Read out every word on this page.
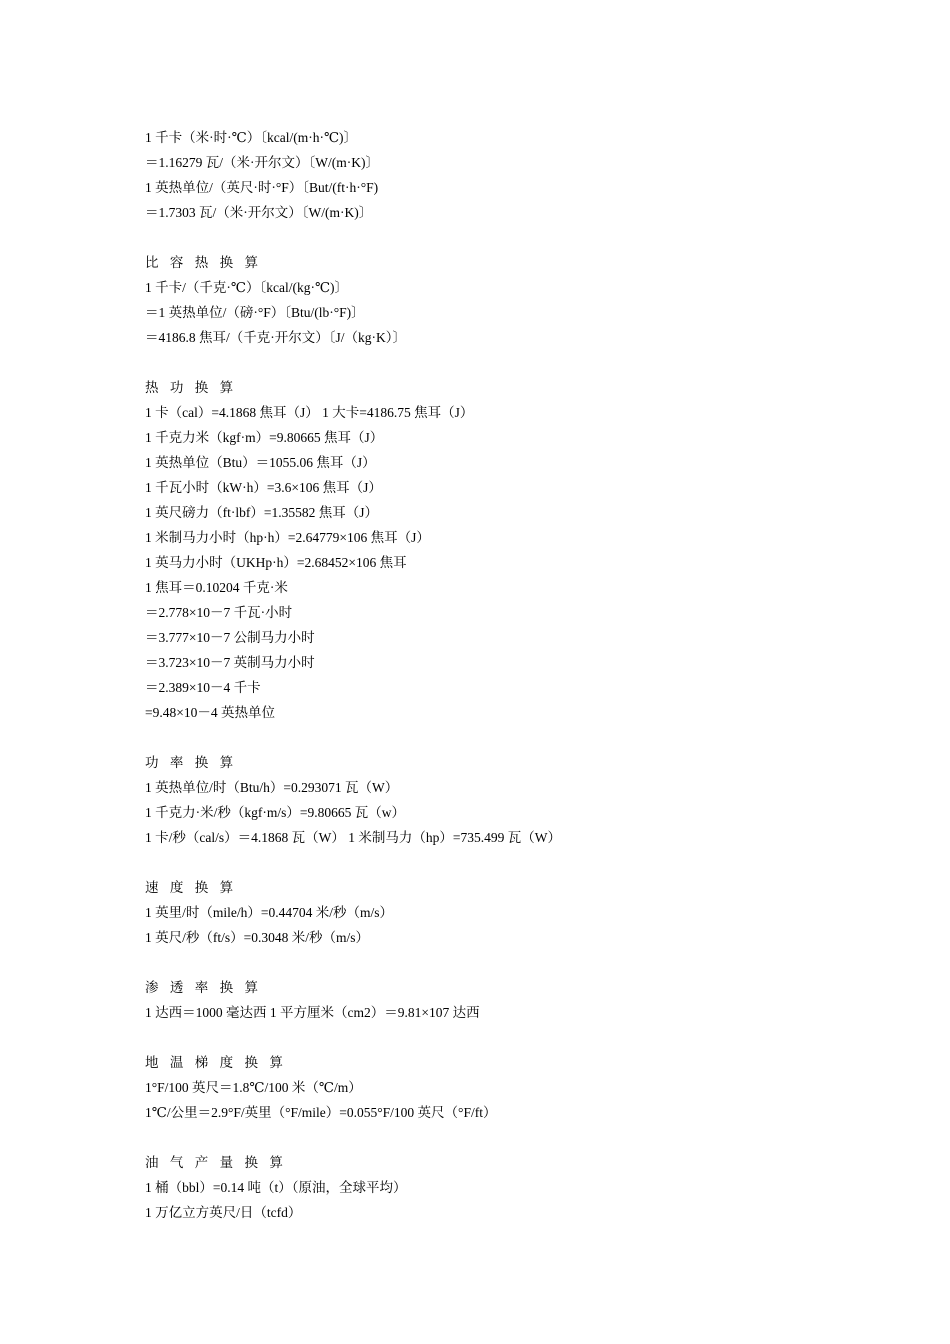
1 千卡（米·时·℃）〔kcal/(m·h·℃)〕
＝1.16279 瓦/（米·开尔文）〔W/(m·K)〕
1 英热单位/（英尺·时·°F）〔But/(ft·h·°F)
＝1.7303 瓦/（米·开尔文）〔W/(m·K)〕
比 容 热 换 算
1 千卡/（千克·℃）〔kcal/(kg·℃)〕
＝1 英热单位/（磅·°F）〔Btu/(lb·°F)〕
＝4186.8 焦耳/（千克·开尔文）〔J/（kg·K）〕
热 功 换 算
1 卡（cal）=4.1868 焦耳（J） 1 大卡=4186.75 焦耳（J）
1 千克力米（kgf·m）=9.80665 焦耳（J）
1 英热单位（Btu）＝1055.06 焦耳（J）
1 千瓦小时（kW·h）=3.6×106 焦耳（J）
1 英尺磅力（ft·lbf）=1.35582 焦耳（J）
1 米制马力小时（hp·h）=2.64779×106 焦耳（J）
1 英马力小时（UKHp·h）=2.68452×106 焦耳
1 焦耳＝0.10204 千克·米
＝2.778×10－7 千瓦·小时
＝3.777×10－7 公制马力小时
＝3.723×10－7 英制马力小时
＝2.389×10－4 千卡
=9.48×10－4 英热单位
功 率 换 算
1 英热单位/时（Btu/h）=0.293071 瓦（W）
1 千克力·米/秒（kgf·m/s）=9.80665 瓦（w）
1 卡/秒（cal/s）＝4.1868 瓦（W） 1 米制马力（hp）=735.499 瓦（W）
速 度 换 算
1 英里/时（mile/h）=0.44704 米/秒（m/s）
1 英尺/秒（ft/s）=0.3048 米/秒（m/s）
渗 透 率 换 算
1 达西＝1000 毫达西 1 平方厘米（cm2）＝9.81×107 达西
地 温 梯 度 换 算
1°F/100 英尺＝1.8℃/100 米（℃/m）
1℃/公里＝2.9°F/英里（°F/mile）=0.055°F/100 英尺（°F/ft）
油 气 产 量 换 算
1 桶（bbl）=0.14 吨（t）（原油，全球平均）
1 万亿立方英尺/日（tcfd）
